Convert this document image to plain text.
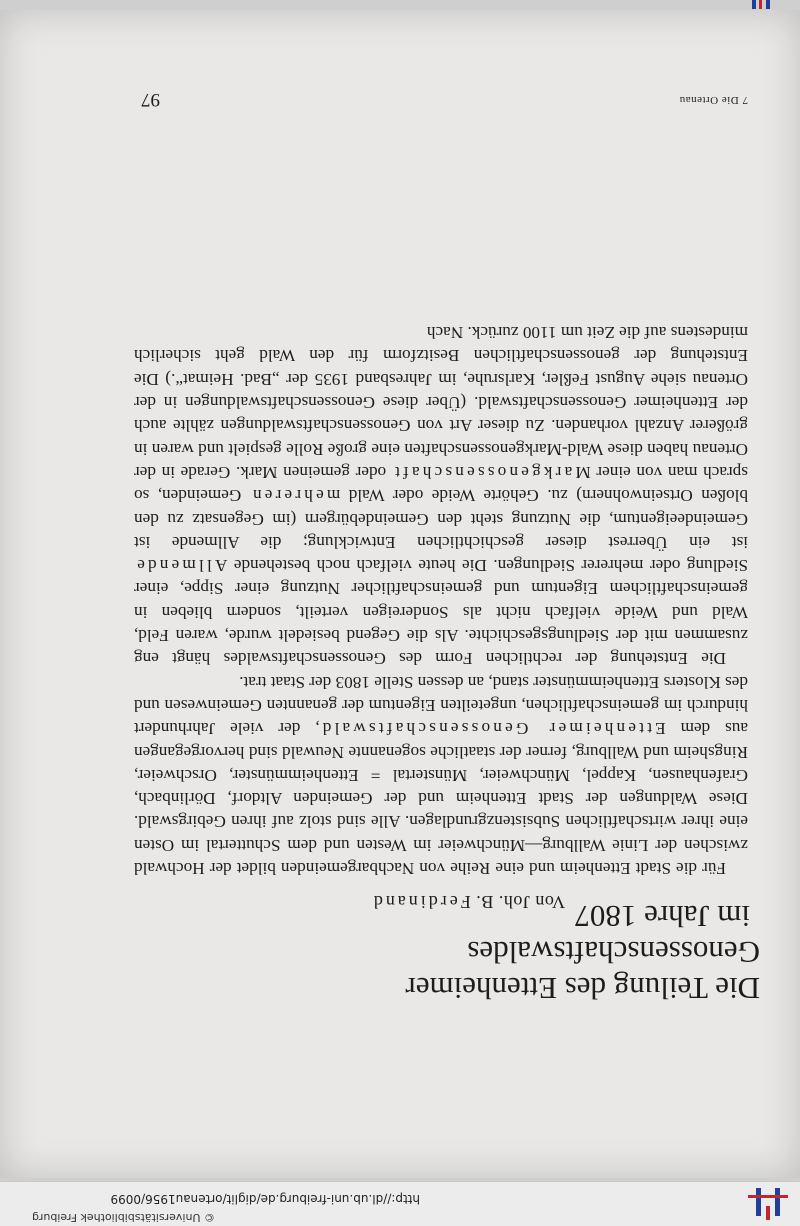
© Universitätsbibliothek Freiburg
http://dl.ub.uni-freiburg.de/diglit/ortenau1956/0099
Die Teilung des Ettenheimer Genossenschaftswaldes
im Jahre 1807
Von Joh. B. Ferdinand

Für die Stadt Ettenheim und eine Reihe von Nachbargemeinden bildet der Hochwald zwischen der Linie Wallburg—Münchweier im Westen und dem Schuttertal im Osten eine ihrer wirtschaftlichen Subsistenzgrundlagen. Alle sind stolz auf ihren Gebirgswald. Diese Waldungen der Stadt Ettenheim und der Gemeinden Altdorf, Dörlinbach, Grafenhausen, Kappel, Münchweier, Münstertal = Ettenheimmünster, Orschweier, Ringsheim und Wallburg, ferner der staatliche sogenannte Neuwald sind hervorgegangen aus dem Ettenheimer Genossenschaftswald, der viele Jahrhundert hindurch im gemeinschaftlichen, ungeteilten Eigentum der genannten Gemeinwesen und des Klosters Ettenheimmünster stand, an dessen Stelle 1803 der Staat trat.

Die Entstehung der rechtlichen Form des Genossenschaftswaldes hängt eng zusammen mit der Siedlungsgeschichte. Als die Gegend besiedelt wurde, waren Feld, Wald und Weide vielfach nicht als Sondereigen verteilt, sondern blieben in gemeinschaftlichem Eigentum und gemeinschaftlicher Nutzung einer Sippe, einer Siedlung oder mehrerer Siedlungen. Die heute vielfach noch bestehende Allmende ist ein Überrest dieser geschichtlichen Entwicklung; die Allmende ist Gemeindeeigentum, die Nutzung steht den Gemeindebürgern (im Gegensatz zu den bloßen Ortseinwohnern) zu. Gehörte Weide oder Wald mehreren Gemeinden, so sprach man von einer Markgenossenschaft oder gemeinen Mark. Gerade in der Ortenau haben diese Wald-Markgenossenschaften eine große Rolle gespielt und waren in größerer Anzahl vorhanden. Zu dieser Art von Genossenschaftswaldungen zählte auch der Ettenheimer Genossenschaftswald. (Über diese Genossenschaftswaldungen in der Ortenau siehe August Feßler, Karlsruhe, im Jahresband 1935 der „Bad. Heimat“.) Die Entstehung der genossenschaftlichen Besitzform für den Wald geht sicherlich mindestens auf die Zeit um 1100 zurück. Nach

7 Die Ortenau
97
